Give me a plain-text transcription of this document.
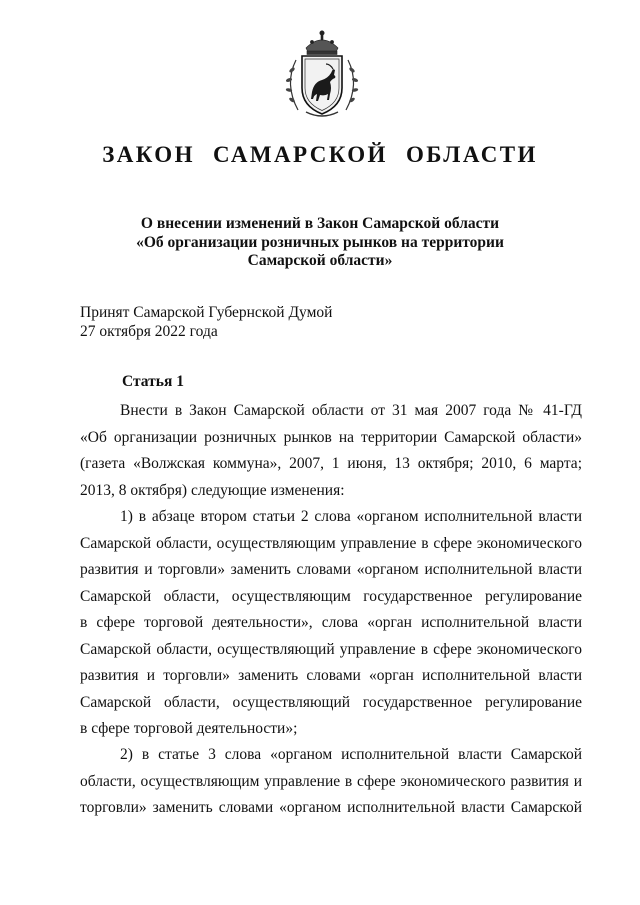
ЗАКОН САМАРСКОЙ ОБЛАСТИ
О внесении изменений в Закон Самарской области
«Об организации розничных рынков на территории
Самарской области»
Принят Самарской Губернской Думой
27 октября 2022 года
Статья 1
Внести в Закон Самарской области от 31 мая 2007 года № 41-ГД
«Об организации розничных рынков на территории Самарской области»
(газета «Волжская коммуна», 2007, 1 июня, 13 октября; 2010, 6 марта;
2013, 8 октября) следующие изменения:
1) в абзаце втором статьи 2 слова «органом исполнительной власти
Самарской области, осуществляющим управление в сфере экономического
развития и торговли» заменить словами «органом исполнительной власти
Самарской области, осуществляющим государственное регулирование
в сфере торговой деятельности», слова «орган исполнительной власти
Самарской области, осуществляющий управление в сфере экономического
развития и торговли» заменить словами «орган исполнительной власти
Самарской области, осуществляющий государственное регулирование
в сфере торговой деятельности»;
2) в статье 3 слова «органом исполнительной власти Самарской
области, осуществляющим управление в сфере экономического развития и
торговли» заменить словами «органом исполнительной власти Самарской
